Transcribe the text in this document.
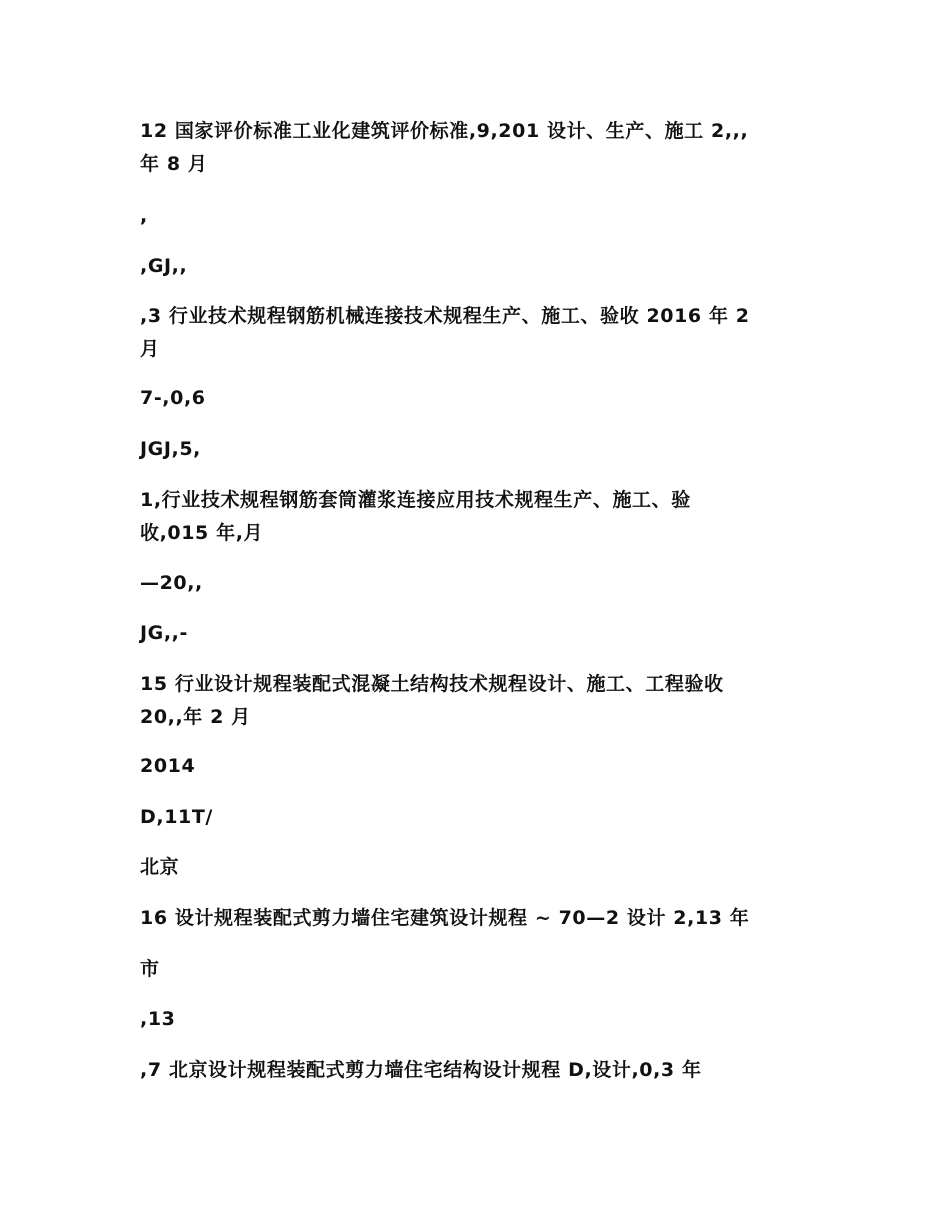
12 国家评价标准工业化建筑评价标准,9,201 设计、生产、施工 2,,,
年 8 月
,
,GJ,,
,3 行业技术规程钢筋机械连接技术规程生产、施工、验收 2016 年 2
月
7-,0,6
JGJ,5,
1,行业技术规程钢筋套筒灌浆连接应用技术规程生产、施工、验
收,015 年,月
—20,,
JG,,-
15 行业设计规程装配式混凝土结构技术规程设计、施工、工程验收
20,,年 2 月
2014
D,11T/
北京
16 设计规程装配式剪力墙住宅建筑设计规程 ~ 70—2 设计 2,13 年
市
,13
,7 北京设计规程装配式剪力墙住宅结构设计规程 D,设计,0,3 年
